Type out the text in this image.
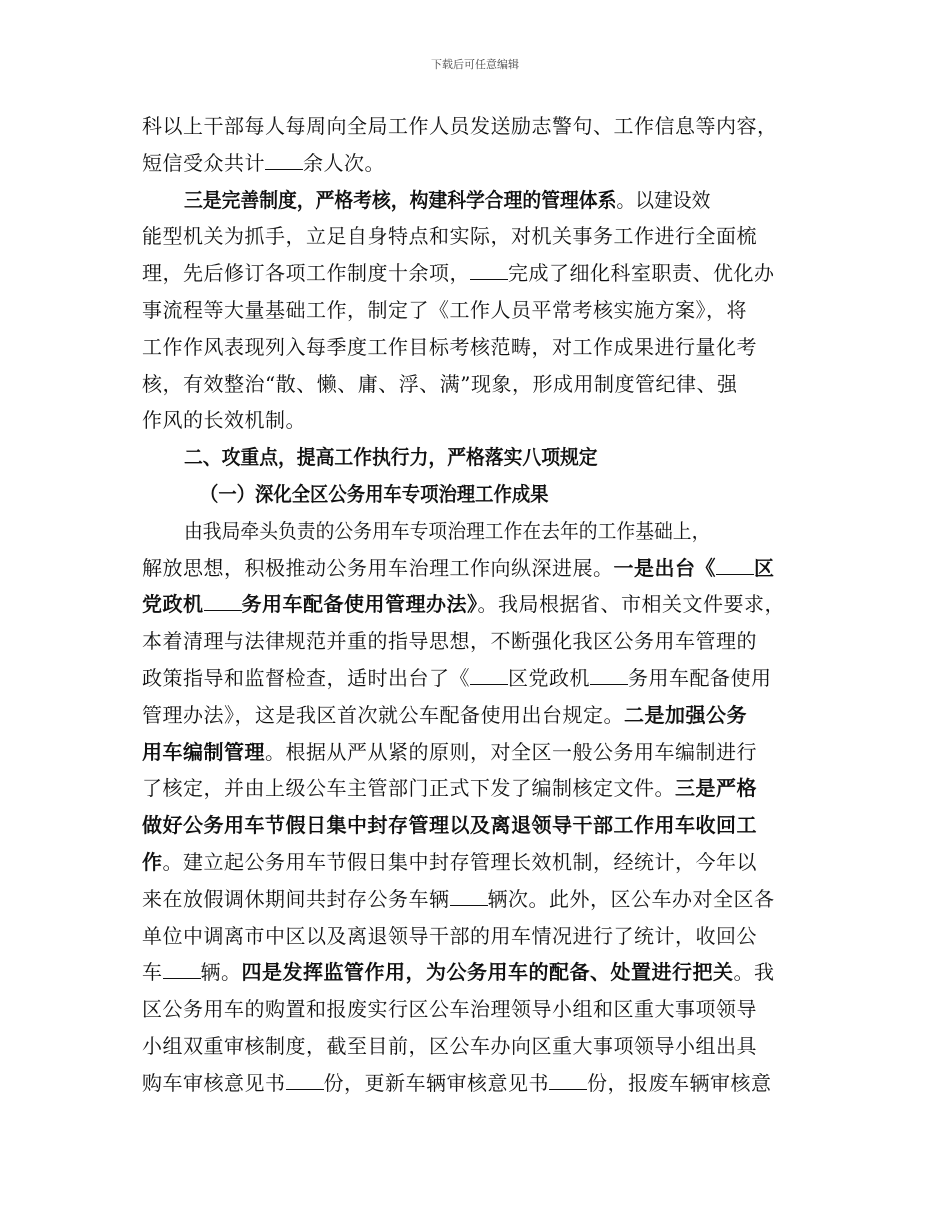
下载后可任意编辑
科以上干部每人每周向全局工作人员发送励志警句、工作信息等内容，
短信受众共计 余人次。
三是完善制度，严格考核，构建科学合理的管理体系。以建设效
能型机关为抓手，立足自身特点和实际，对机关事务工作进行全面梳
理，先后修订各项工作制度十余项， 完成了细化科室职责、优化办
事流程等大量基础工作，制定了《工作人员平常考核实施方案》，将
工作作风表现列入每季度工作目标考核范畴，对工作成果进行量化考
核，有效整治“散、懒、庸、浮、满”现象，形成用制度管纪律、强
作风的长效机制。
二、攻重点，提高工作执行力，严格落实八项规定
（一）深化全区公务用车专项治理工作成果
由我局牵头负责的公务用车专项治理工作在去年的工作基础上，
解放思想，积极推动公务用车治理工作向纵深进展。一是出台《 区
党政机 务用车配备使用管理办法》。我局根据省、市相关文件要求，
本着清理与法律规范并重的指导思想，不断强化我区公务用车管理的
政策指导和监督检查，适时出台了《 区党政机 务用车配备使用
管理办法》，这是我区首次就公车配备使用出台规定。二是加强公务
用车编制管理。根据从严从紧的原则，对全区一般公务用车编制进行
了核定，并由上级公车主管部门正式下发了编制核定文件。三是严格
做好公务用车节假日集中封存管理以及离退领导干部工作用车收回工
作。建立起公务用车节假日集中封存管理长效机制，经统计，今年以
来在放假调休期间共封存公务车辆 辆次。此外，区公车办对全区各
单位中调离市中区以及离退领导干部的用车情况进行了统计，收回公
车 辆。四是发挥监管作用，为公务用车的配备、处置进行把关。我
区公务用车的购置和报废实行区公车治理领导小组和区重大事项领导
小组双重审核制度，截至目前，区公车办向区重大事项领导小组出具
购车审核意见书 份，更新车辆审核意见书 份，报废车辆审核意
